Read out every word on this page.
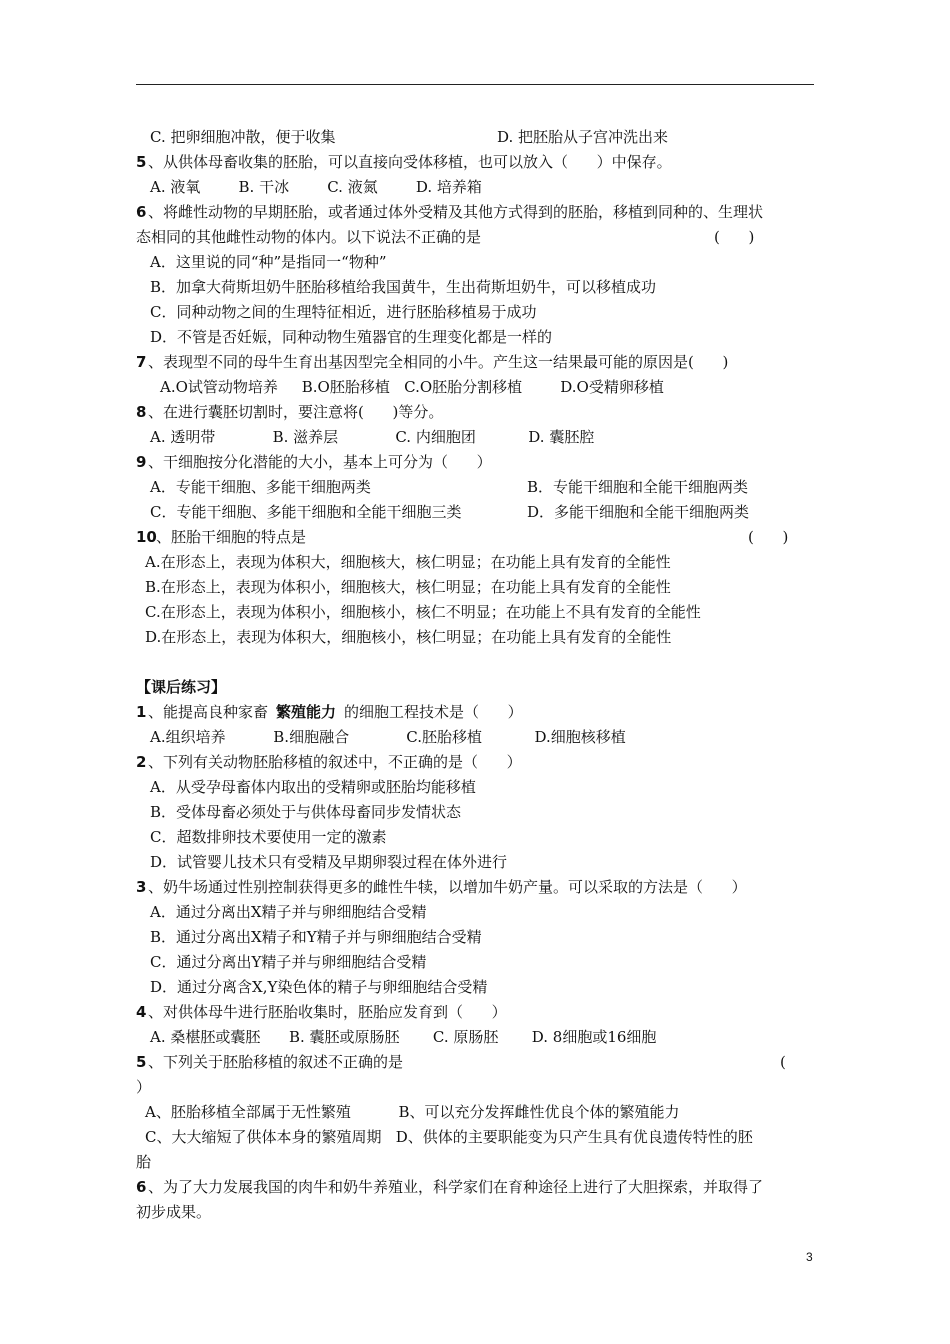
C. 把卵细胞冲散，便于收集	D. 把胚胎从子宫冲洗出来
5 、从供体母畜收集的胚胎，可以直接向受体移植，也可以放入（      ）中保存。
A. 液氧        B. 干冰        C. 液氮        D. 培养箱
6 、将雌性动物的早期胚胎，或者通过体外受精及其他方式得到的胚胎，移植到同种的、生理状
态相同的其他雌性动物的体内。以下说法不正确的是
A．这里说的同“种”是指同一“物种”
B．加拿大荷斯坦奶牛胚胎移植给我国黄牛，生出荷斯坦奶牛，可以移植成功
C．同种动物之间的生理特征相近，进行胚胎移植易于成功
D．不管是否妊娠，同种动物生殖器官的生理变化都是一样的
7 、表现型不同的母牛生育出基因型完全相同的小牛。产生这一结果最可能的原因是(      )
A.O试管动物培养     B.O胚胎移植   C.O胚胎分割移植        D.O受精卵移植
8 、在进行囊胚切割时，要注意将(      )等分。
A. 透明带            B. 滋养层            C. 内细胞团           D. 囊胚腔
9 、干细胞按分化潜能的大小，基本上可分为（      ）
A．专能干细胞、多能干细胞两类	B．专能干细胞和全能干细胞两类
C．专能干细胞、多能干细胞和全能干细胞三类	D．多能干细胞和全能干细胞两类
10 、胚胎干细胞的特点是
A.在形态上，表现为体积大，细胞核大，核仁明显；在功能上具有发育的全能性
B.在形态上，表现为体积小，细胞核大，核仁明显；在功能上具有发育的全能性
C.在形态上，表现为体积小，细胞核小，核仁不明显；在功能上不具有发育的全能性
D.在形态上，表现为体积大，细胞核小，核仁明显；在功能上具有发育的全能性
【课后练习】
1 、能提高良种家畜 繁殖能力 的细胞工程技术是（      ）
A.组织培养          B.细胞融合            C.胚胎移植           D.细胞核移植
2 、下列有关动物胚胎移植的叙述中，不正确的是（      ）
A．从受孕母畜体内取出的受精卵或胚胎均能移植
B．受体母畜必须处于与供体母畜同步发情状态
C．超数排卵技术要使用一定的激素
D．试管婴儿技术只有受精及早期卵裂过程在体外进行
3 、奶牛场通过性别控制获得更多的雌性牛犊，以增加牛奶产量。可以采取的方法是（      ）
A．通过分离出X精子并与卵细胞结合受精
B．通过分离出X精子和Y精子并与卵细胞结合受精
C．通过分离出Y精子并与卵细胞结合受精
D．通过分离含X,Y染色体的精子与卵细胞结合受精
4 、对供体母牛进行胚胎收集时，胚胎应发育到（      ）
A. 桑椹胚或囊胚      B. 囊胚或原肠胚       C. 原肠胚       D. 8细胞或16细胞
5 、下列关于胚胎移植的叙述不正确的是
）
A、胚胎移植全部属于无性繁殖          B、可以充分发挥雌性优良个体的繁殖能力
C、大大缩短了供体本身的繁殖周期   D、供体的主要职能变为只产生具有优良遗传特性的胚
胎
6 、为了大力发展我国的肉牛和奶牛养殖业，科学家们在育种途径上进行了大胆探索，并取得了
初步成果。
(      )
(      )
(
3
